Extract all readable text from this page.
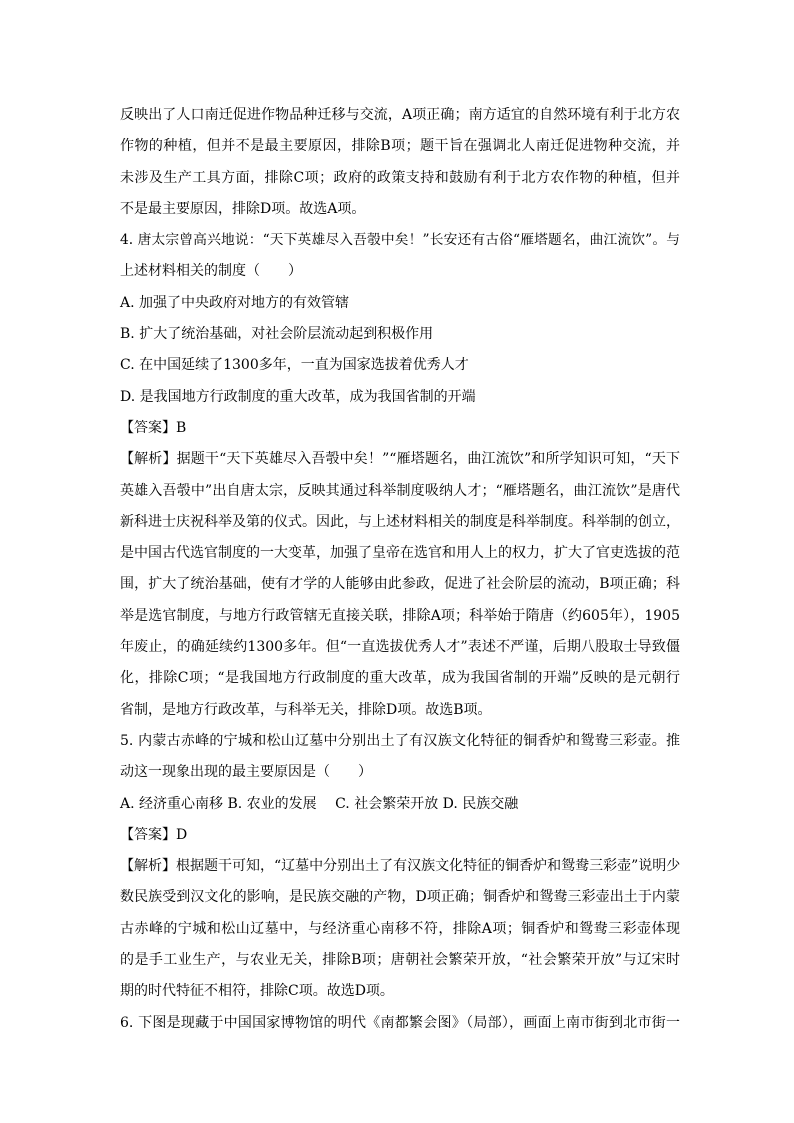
反映出了人口南迁促进作物品种迁移与交流，A项正确；南方适宜的自然环境有利于北方农
作物的种植，但并不是最主要原因，排除B项；题干旨在强调北人南迁促进物种交流，并
未涉及生产工具方面，排除C项；政府的政策支持和鼓励有利于北方农作物的种植，但并
不是最主要原因，排除D项。故选A项。
4. 唐太宗曾高兴地说：“天下英雄尽入吾彀中矣！”长安还有古俗“雁塔题名，曲江流饮”。与
上述材料相关的制度（　　）
A. 加强了中央政府对地方的有效管辖
B. 扩大了统治基础，对社会阶层流动起到积极作用
C. 在中国延续了1300多年，一直为国家选拔着优秀人才
D. 是我国地方行政制度的重大改革，成为我国省制的开端
【答案】B
【解析】据题干“天下英雄尽入吾彀中矣！”“雁塔题名，曲江流饮”和所学知识可知，“天下
英雄入吾彀中”出自唐太宗，反映其通过科举制度吸纳人才；“雁塔题名，曲江流饮”是唐代
新科进士庆祝科举及第的仪式。因此，与上述材料相关的制度是科举制度。科举制的创立，
是中国古代选官制度的一大变革，加强了皇帝在选官和用人上的权力，扩大了官吏选拔的范
围，扩大了统治基础，使有才学的人能够由此参政，促进了社会阶层的流动，B项正确；科
举是选官制度，与地方行政管辖无直接关联，排除A项；科举始于隋唐（约605年），1905
年废止，的确延续约1300多年。但“一直选拔优秀人才”表述不严谨，后期八股取士导致僵
化，排除C项；“是我国地方行政制度的重大改革，成为我国省制的开端”反映的是元朝行
省制，是地方行政改革，与科举无关，排除D项。故选B项。
5. 内蒙古赤峰的宁城和松山辽墓中分别出土了有汉族文化特征的铜香炉和鸳鸯三彩壶。推
动这一现象出现的最主要原因是（　　）
A. 经济重心南移 B. 农业的发展　 C. 社会繁荣开放 D. 民族交融
【答案】D
【解析】根据题干可知，“辽墓中分别出土了有汉族文化特征的铜香炉和鸳鸯三彩壶”说明少
数民族受到汉文化的影响，是民族交融的产物，D项正确；铜香炉和鸳鸯三彩壶出土于内蒙
古赤峰的宁城和松山辽墓中，与经济重心南移不符，排除A项；铜香炉和鸳鸯三彩壶体现
的是手工业生产，与农业无关，排除B项；唐朝社会繁荣开放，“社会繁荣开放”与辽宋时
期的时代特征不相符，排除C项。故选D项。
6. 下图是现藏于中国国家博物馆的明代《南都繁会图》（局部），画面上南市街到北市街一
